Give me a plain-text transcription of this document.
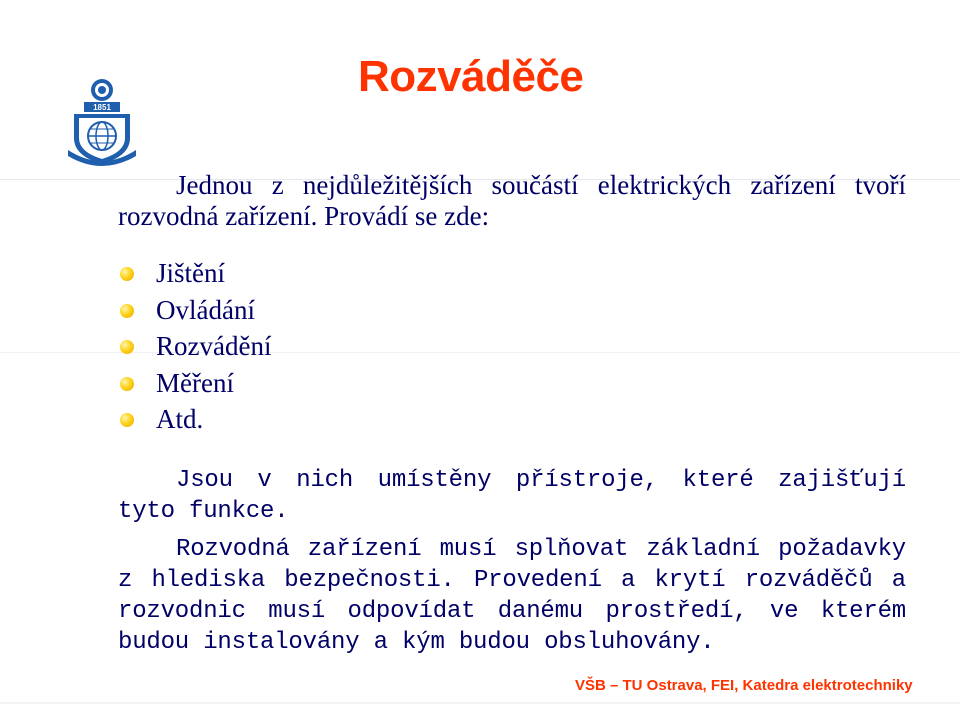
1851
Rozváděče

Jednou z nejdůležitějších součástí elektrických zařízení tvoří rozvodná zařízení. Provádí se zde:

Jištění
Ovládání
Rozvádění
Měření
Atd.

Jsou v nich umístěny přístroje, které zajišťují tyto funkce.

Rozvodná zařízení musí splňovat základní požadavky z hlediska bezpečnosti. Provedení a krytí rozváděčů a rozvodnic musí odpovídat danému prostředí, ve kterém budou instalovány a kým budou obsluhovány.

VŠB – TU Ostrava, FEI, Katedra elektrotechniky
